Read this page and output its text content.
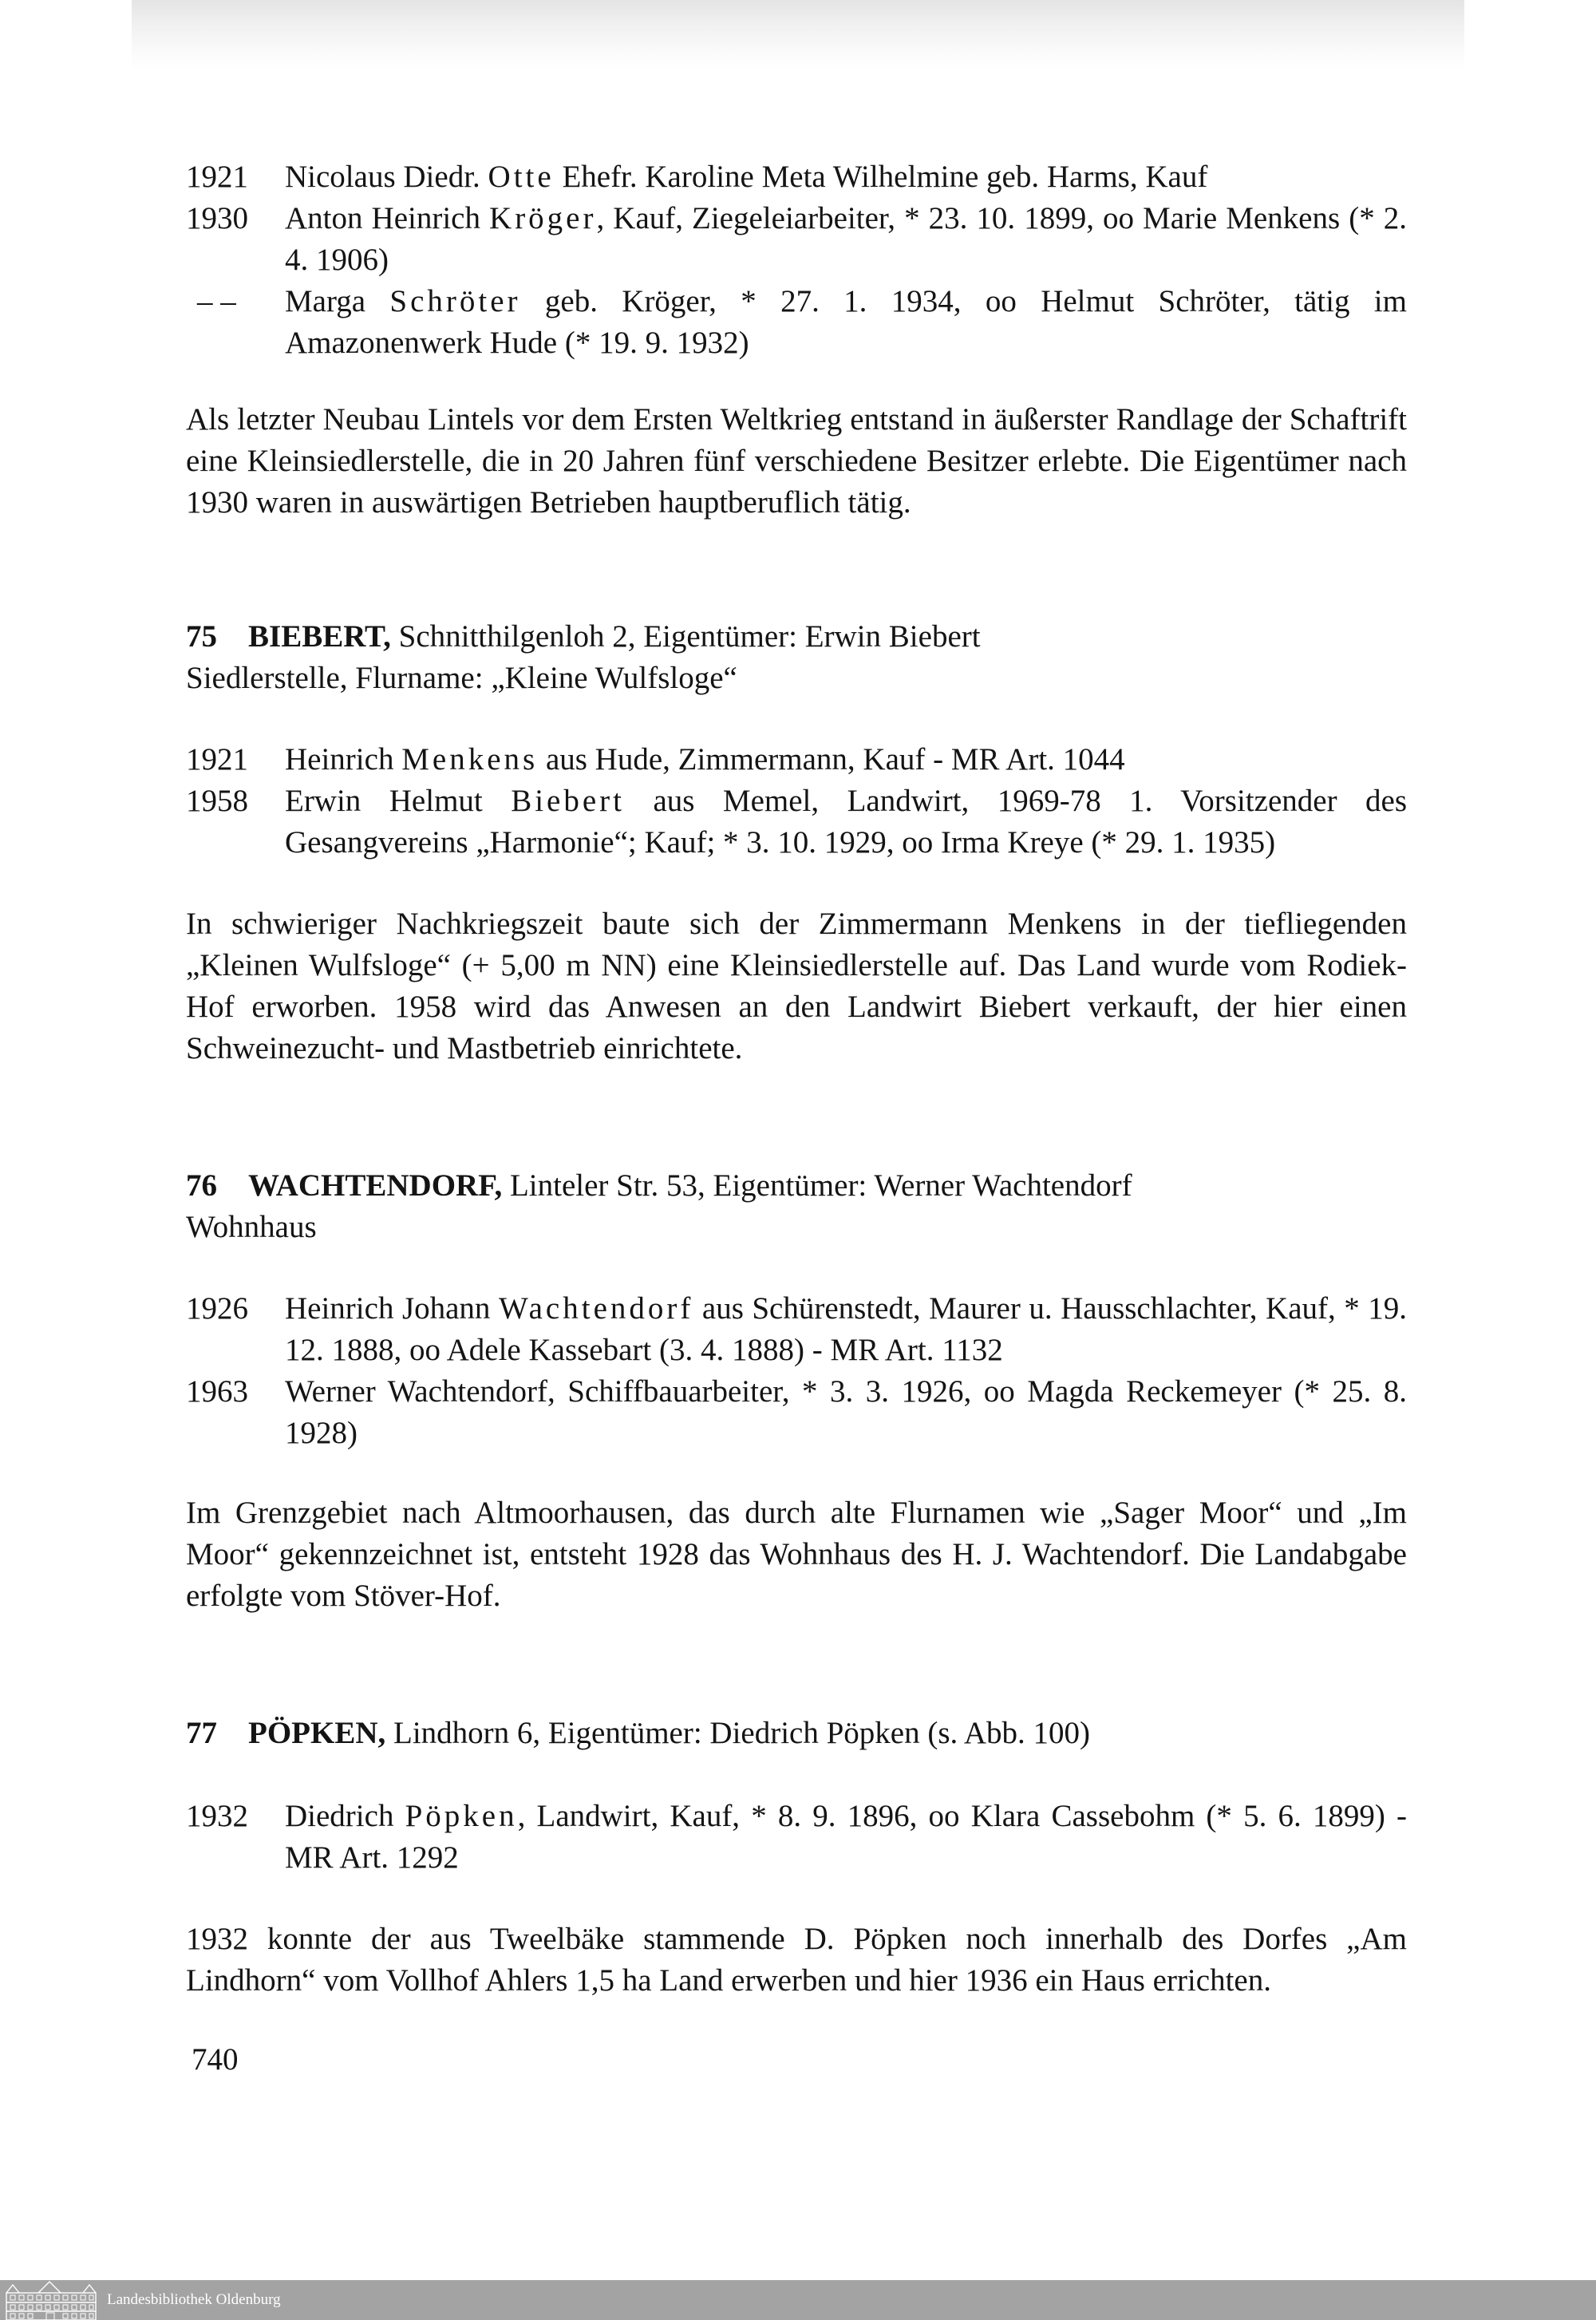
1921	Nicolaus Diedr. Otte Ehefr. Karoline Meta Wilhelmine geb. Harms, Kauf
1930	Anton Heinrich Kröger, Kauf, Ziegeleiarbeiter, * 23. 10. 1899, oo Marie Menkens (* 2. 4. 1906)
– –	Marga Schröter geb. Kröger, * 27. 1. 1934, oo Helmut Schröter, tätig im Amazonenwerk Hude (* 19. 9. 1932)

Als letzter Neubau Lintels vor dem Ersten Weltkrieg entstand in äußerster Randlage der Schaftrift eine Kleinsiedlerstelle, die in 20 Jahren fünf verschiedene Besitzer erlebte. Die Eigentümer nach 1930 waren in auswärtigen Betrieben hauptberuflich tätig.

75 BIEBERT, Schnitthilgenloh 2, Eigentümer: Erwin Biebert
Siedlerstelle, Flurname: „Kleine Wulfsloge“
1921	Heinrich Menkens aus Hude, Zimmermann, Kauf - MR Art. 1044
1958	Erwin Helmut Biebert aus Memel, Landwirt, 1969-78 1. Vorsitzender des Gesangvereins „Harmonie“; Kauf; * 3. 10. 1929, oo Irma Kreye (* 29. 1. 1935)

In schwieriger Nachkriegszeit baute sich der Zimmermann Menkens in der tiefliegenden „Kleinen Wulfsloge“ (+ 5,00 m NN) eine Kleinsiedlerstelle auf. Das Land wurde vom Rodiek-Hof erworben. 1958 wird das Anwesen an den Landwirt Biebert verkauft, der hier einen Schweinezucht- und Mastbetrieb einrichtete.

76 WACHTENDORF, Linteler Str. 53, Eigentümer: Werner Wachtendorf
Wohnhaus
1926	Heinrich Johann Wachtendorf aus Schürenstedt, Maurer u. Hausschlachter, Kauf, * 19. 12. 1888, oo Adele Kassebart (3. 4. 1888) - MR Art. 1132
1963	Werner Wachtendorf, Schiffbauarbeiter, * 3. 3. 1926, oo Magda Reckemeyer (* 25. 8. 1928)

Im Grenzgebiet nach Altmoorhausen, das durch alte Flurnamen wie „Sager Moor“ und „Im Moor“ gekennzeichnet ist, entsteht 1928 das Wohnhaus des H. J. Wachtendorf. Die Landabgabe erfolgte vom Stöver-Hof.

77 PÖPKEN, Lindhorn 6, Eigentümer: Diedrich Pöpken (s. Abb. 100)
1932	Diedrich Pöpken, Landwirt, Kauf, * 8. 9. 1896, oo Klara Cassebohm (* 5. 6. 1899) - MR Art. 1292

1932 konnte der aus Tweelbäke stammende D. Pöpken noch innerhalb des Dorfes „Am Lindhorn“ vom Vollhof Ahlers 1,5 ha Land erwerben und hier 1936 ein Haus errichten.

740
Landesbibliothek Oldenburg
